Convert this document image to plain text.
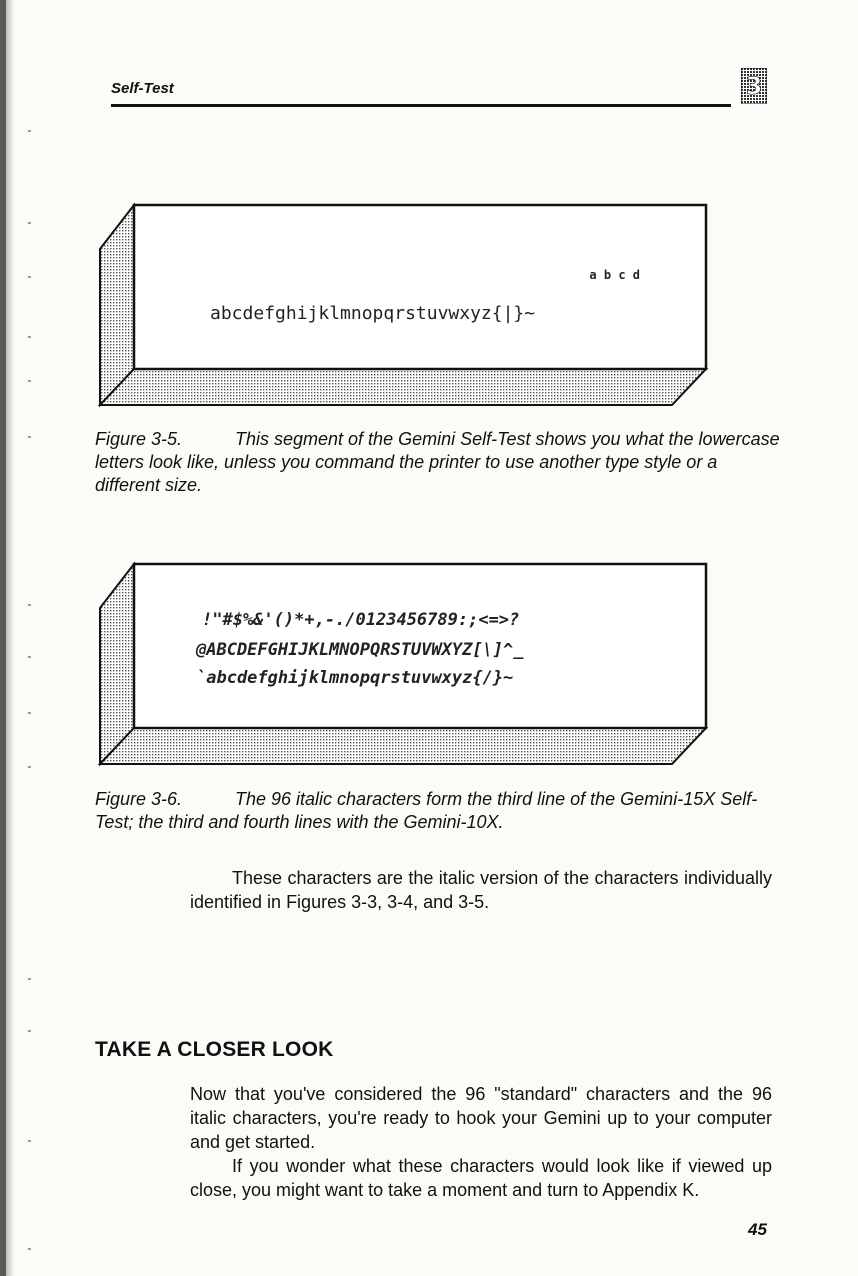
Self-Test	3
a b c d
abcdefghijklmnopqrstuvwxyz{|}~
Figure 3-5.	This segment of the Gemini Self-Test shows you what the lowercase letters look like, unless you command the printer to use another type style or a different size.
!"#$%&'()*+,-./0123456789:;<=>?
@ABCDEFGHIJKLMNOPQRSTUVWXYZ[\]^_
`abcdefghijklmnopqrstuvwxyz{/}~
Figure 3-6.	The 96 italic characters form the third line of the Gemini-15X Self-Test; the third and fourth lines with the Gemini-10X.

These characters are the italic version of the characters individually identified in Figures 3-3, 3-4, and 3-5.

TAKE A CLOSER LOOK

Now that you've considered the 96 "standard" characters and the 96 italic characters, you're ready to hook your Gemini up to your computer and get started.

If you wonder what these characters would look like if viewed up close, you might want to take a moment and turn to Appendix K.

45
